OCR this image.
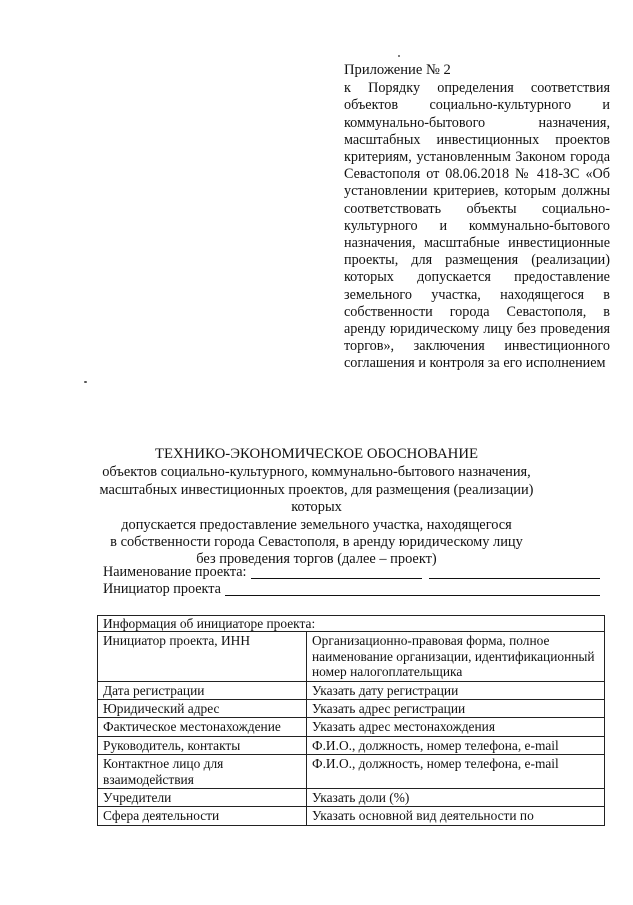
Приложение № 2
к Порядку определения соответствия объектов социально-культурного и коммунально-бытового назначения, масштабных инвестиционных проектов критериям, установленным Законом города Севастополя от 08.06.2018 № 418-ЗС «Об установлении критериев, которым должны соответствовать объекты социально-культурного и коммунально-бытового назначения, масштабные инвестиционные проекты, для размещения (реализации) которых допускается предоставление земельного участка, находящегося в собственности города Севастополя, в аренду юридическому лицу без проведения торгов», заключения инвестиционного соглашения и контроля за его исполнением
ТЕХНИКО-ЭКОНОМИЧЕСКОЕ ОБОСНОВАНИЕ
объектов социально-культурного, коммунально-бытового назначения,
масштабных инвестиционных проектов, для размещения (реализации) которых
допускается предоставление земельного участка, находящегося
в собственности города Севастополя, в аренду юридическому лицу
без проведения торгов (далее – проект)
Наименование проекта:
Инициатор проекта
Информация об инициаторе проекта:	
Инициатор проекта, ИНН	Организационно-правовая форма, полное наименование организации, идентификационный номер налогоплательщика
Дата регистрации	Указать дату регистрации
Юридический адрес	Указать адрес регистрации
Фактическое местонахождение	Указать адрес местонахождения
Руководитель, контакты	Ф.И.О., должность, номер телефона, e-mail
Контактное лицо для взаимодействия	Ф.И.О., должность, номер телефона, e-mail
Учредители	Указать доли (%)
Сфера деятельности	Указать основной вид деятельности по
